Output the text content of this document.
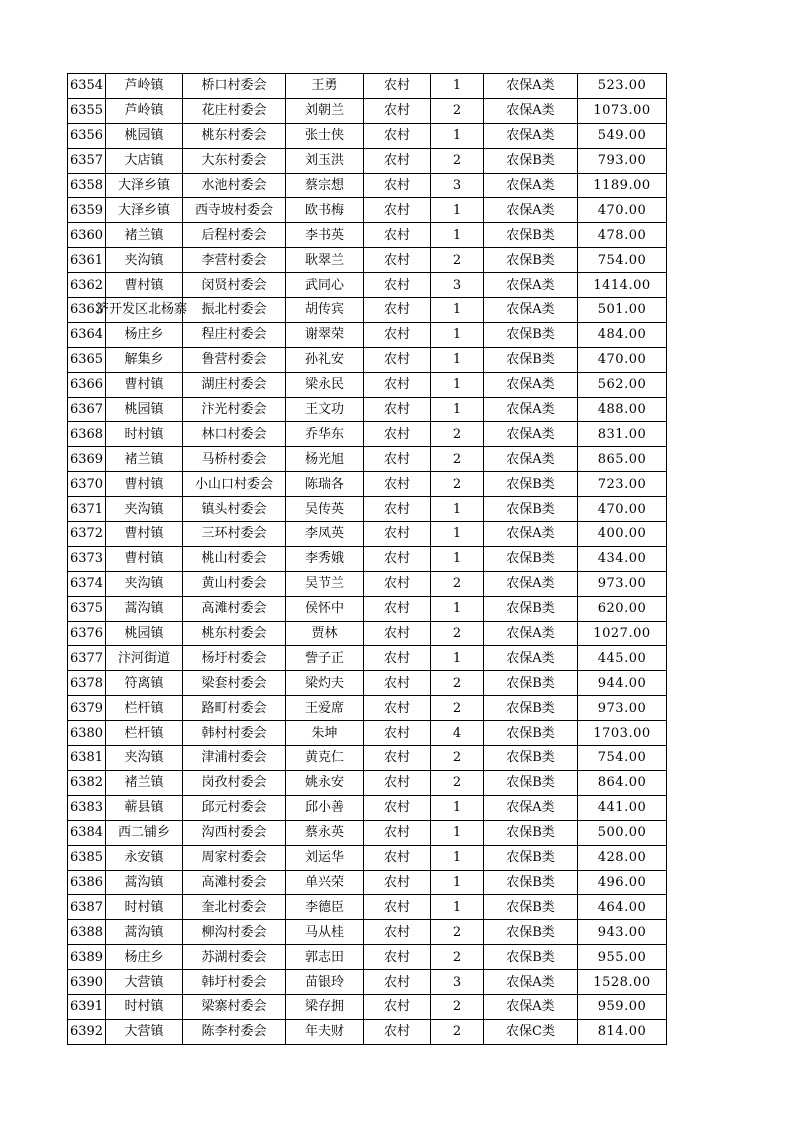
6354	芦岭镇	桥口村委会	王勇	农村	1	农保A类	523.00
6355	芦岭镇	花庄村委会	刘朝兰	农村	2	农保A类	1073.00
6356	桃园镇	桃东村委会	张士侠	农村	1	农保A类	549.00
6357	大店镇	大东村委会	刘玉洪	农村	2	农保B类	793.00
6358	大泽乡镇	水池村委会	蔡宗想	农村	3	农保A类	1189.00
6359	大泽乡镇	西寺坡村委会	欧书梅	农村	1	农保A类	470.00
6360	褚兰镇	后程村委会	李书英	农村	1	农保B类	478.00
6361	夹沟镇	李营村委会	耿翠兰	农村	2	农保B类	754.00
6362	曹村镇	闵贤村委会	武同心	农村	3	农保A类	1414.00
6363	济开发区北杨寨	振北村委会	胡传宾	农村	1	农保A类	501.00
6364	杨庄乡	程庄村委会	谢翠荣	农村	1	农保B类	484.00
6365	解集乡	鲁营村委会	孙礼安	农村	1	农保B类	470.00
6366	曹村镇	湖庄村委会	梁永民	农村	1	农保A类	562.00
6367	桃园镇	汴光村委会	王文功	农村	1	农保A类	488.00
6368	时村镇	林口村委会	乔华东	农村	2	农保A类	831.00
6369	褚兰镇	马桥村委会	杨光旭	农村	2	农保A类	865.00
6370	曹村镇	小山口村委会	陈瑞各	农村	2	农保B类	723.00
6371	夹沟镇	镇头村委会	吴传英	农村	1	农保B类	470.00
6372	曹村镇	三环村委会	李凤英	农村	1	农保A类	400.00
6373	曹村镇	桃山村委会	李秀娥	农村	1	农保B类	434.00
6374	夹沟镇	黄山村委会	吴节兰	农村	2	农保A类	973.00
6375	蒿沟镇	高滩村委会	侯怀中	农村	1	农保B类	620.00
6376	桃园镇	桃东村委会	贾林	农村	2	农保A类	1027.00
6377	汴河街道	杨圩村委会	訾子正	农村	1	农保A类	445.00
6378	符离镇	梁套村委会	梁灼夫	农村	2	农保B类	944.00
6379	栏杆镇	路町村委会	王爱席	农村	2	农保B类	973.00
6380	栏杆镇	韩村村委会	朱坤	农村	4	农保B类	1703.00
6381	夹沟镇	津浦村委会	黄克仁	农村	2	农保B类	754.00
6382	褚兰镇	岗孜村委会	姚永安	农村	2	农保B类	864.00
6383	蕲县镇	邱元村委会	邱小善	农村	1	农保A类	441.00
6384	西二铺乡	沟西村委会	蔡永英	农村	1	农保B类	500.00
6385	永安镇	周家村委会	刘运华	农村	1	农保B类	428.00
6386	蒿沟镇	高滩村委会	单兴荣	农村	1	农保B类	496.00
6387	时村镇	奎北村委会	李德臣	农村	1	农保B类	464.00
6388	蒿沟镇	柳沟村委会	马从桂	农村	2	农保B类	943.00
6389	杨庄乡	苏湖村委会	郭志田	农村	2	农保B类	955.00
6390	大营镇	韩圩村委会	苗银玲	农村	3	农保A类	1528.00
6391	时村镇	梁寨村委会	梁存拥	农村	2	农保A类	959.00
6392	大营镇	陈李村委会	年夫财	农村	2	农保C类	814.00
